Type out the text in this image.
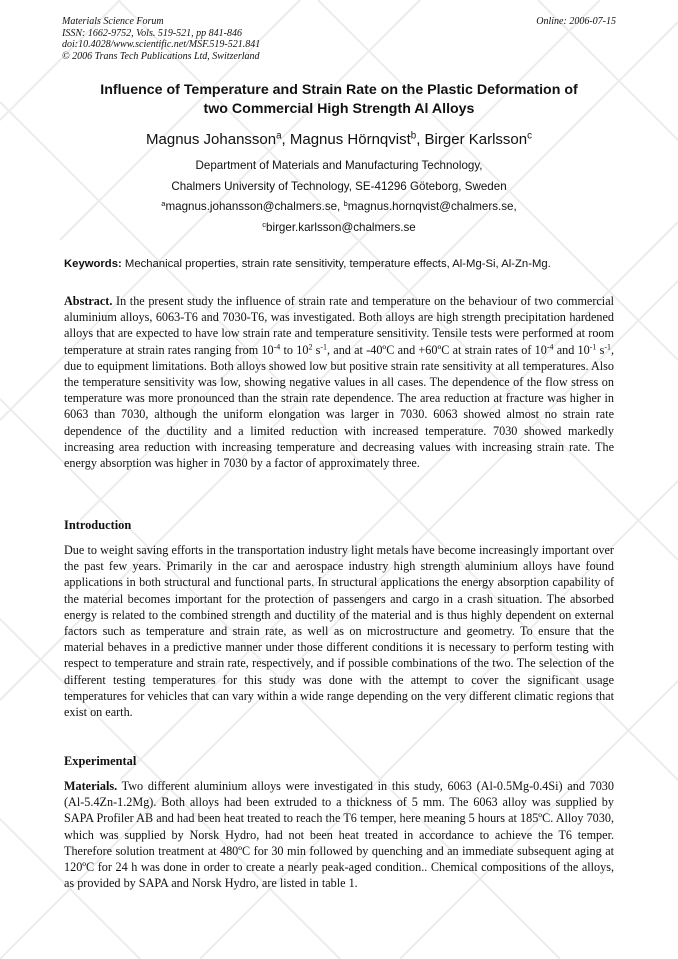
Materials Science Forum
ISSN: 1662-9752, Vols. 519-521, pp 841-846
doi:10.4028/www.scientific.net/MSF.519-521.841
© 2006 Trans Tech Publications Ltd, Switzerland
Online: 2006-07-15
Influence of Temperature and Strain Rate on the Plastic Deformation of
two Commercial High Strength Al Alloys
Magnus Johansson$^a$, Magnus Hörnqvist$^b$, Birger Karlsson$^c$
Department of Materials and Manufacturing Technology,
Chalmers University of Technology, SE-41296 Göteborg, Sweden
$^a$magnus.johansson@chalmers.se, $^b$magnus.hornqvist@chalmers.se,
$^c$birger.karlsson@chalmers.se
Keywords: Mechanical properties, strain rate sensitivity, temperature effects, Al-Mg-Si, Al-Zn-Mg.
Abstract. In the present study the influence of strain rate and temperature on the behaviour of two commercial aluminium alloys, 6063-T6 and 7030-T6, was investigated. Both alloys are high strength precipitation hardened alloys that are expected to have low strain rate and temperature sensitivity. Tensile tests were performed at room temperature at strain rates ranging from $10^{-4}$ to $10^2$ $s^{-1}$, and at -40ºC and +60ºC at strain rates of $10^{-4}$ and $10^{-1}$ $s^{-1}$, due to equipment limitations. Both alloys showed low but positive strain rate sensitivity at all temperatures. Also the temperature sensitivity was low, showing negative values in all cases. The dependence of the flow stress on temperature was more pronounced than the strain rate dependence. The area reduction at fracture was higher in 6063 than 7030, although the uniform elongation was larger in 7030. 6063 showed almost no strain rate dependence of the ductility and a limited reduction with increased temperature. 7030 showed markedly increasing area reduction with increasing temperature and decreasing values with increasing strain rate. The energy absorption was higher in 7030 by a factor of approximately three.
Introduction
Due to weight saving efforts in the transportation industry light metals have become increasingly important over the past few years. Primarily in the car and aerospace industry high strength aluminium alloys have found applications in both structural and functional parts. In structural applications the energy absorption capability of the material becomes important for the protection of passengers and cargo in a crash situation. The absorbed energy is related to the combined strength and ductility of the material and is thus highly dependent on external factors such as temperature and strain rate, as well as on microstructure and geometry. To ensure that the material behaves in a predictive manner under those different conditions it is necessary to perform testing with respect to temperature and strain rate, respectively, and if possible combinations of the two. The selection of the different testing temperatures for this study was done with the attempt to cover the significant usage temperatures for vehicles that can vary within a wide range depending on the very different climatic regions that exist on earth.
Experimental
Materials. Two different aluminium alloys were investigated in this study, 6063 (Al-0.5Mg-0.4Si) and 7030 (Al-5.4Zn-1.2Mg). Both alloys had been extruded to a thickness of 5 mm. The 6063 alloy was supplied by SAPA Profiler AB and had been heat treated to reach the T6 temper, here meaning 5 hours at 185ºC. Alloy 7030, which was supplied by Norsk Hydro, had not been heat treated in accordance to achieve the T6 temper. Therefore solution treatment at 480ºC for 30 min followed by quenching and an immediate subsequent aging at 120ºC for 24 h was done in order to create a nearly peak-aged condition.. Chemical compositions of the alloys, as provided by SAPA and Norsk Hydro, are listed in table 1.
